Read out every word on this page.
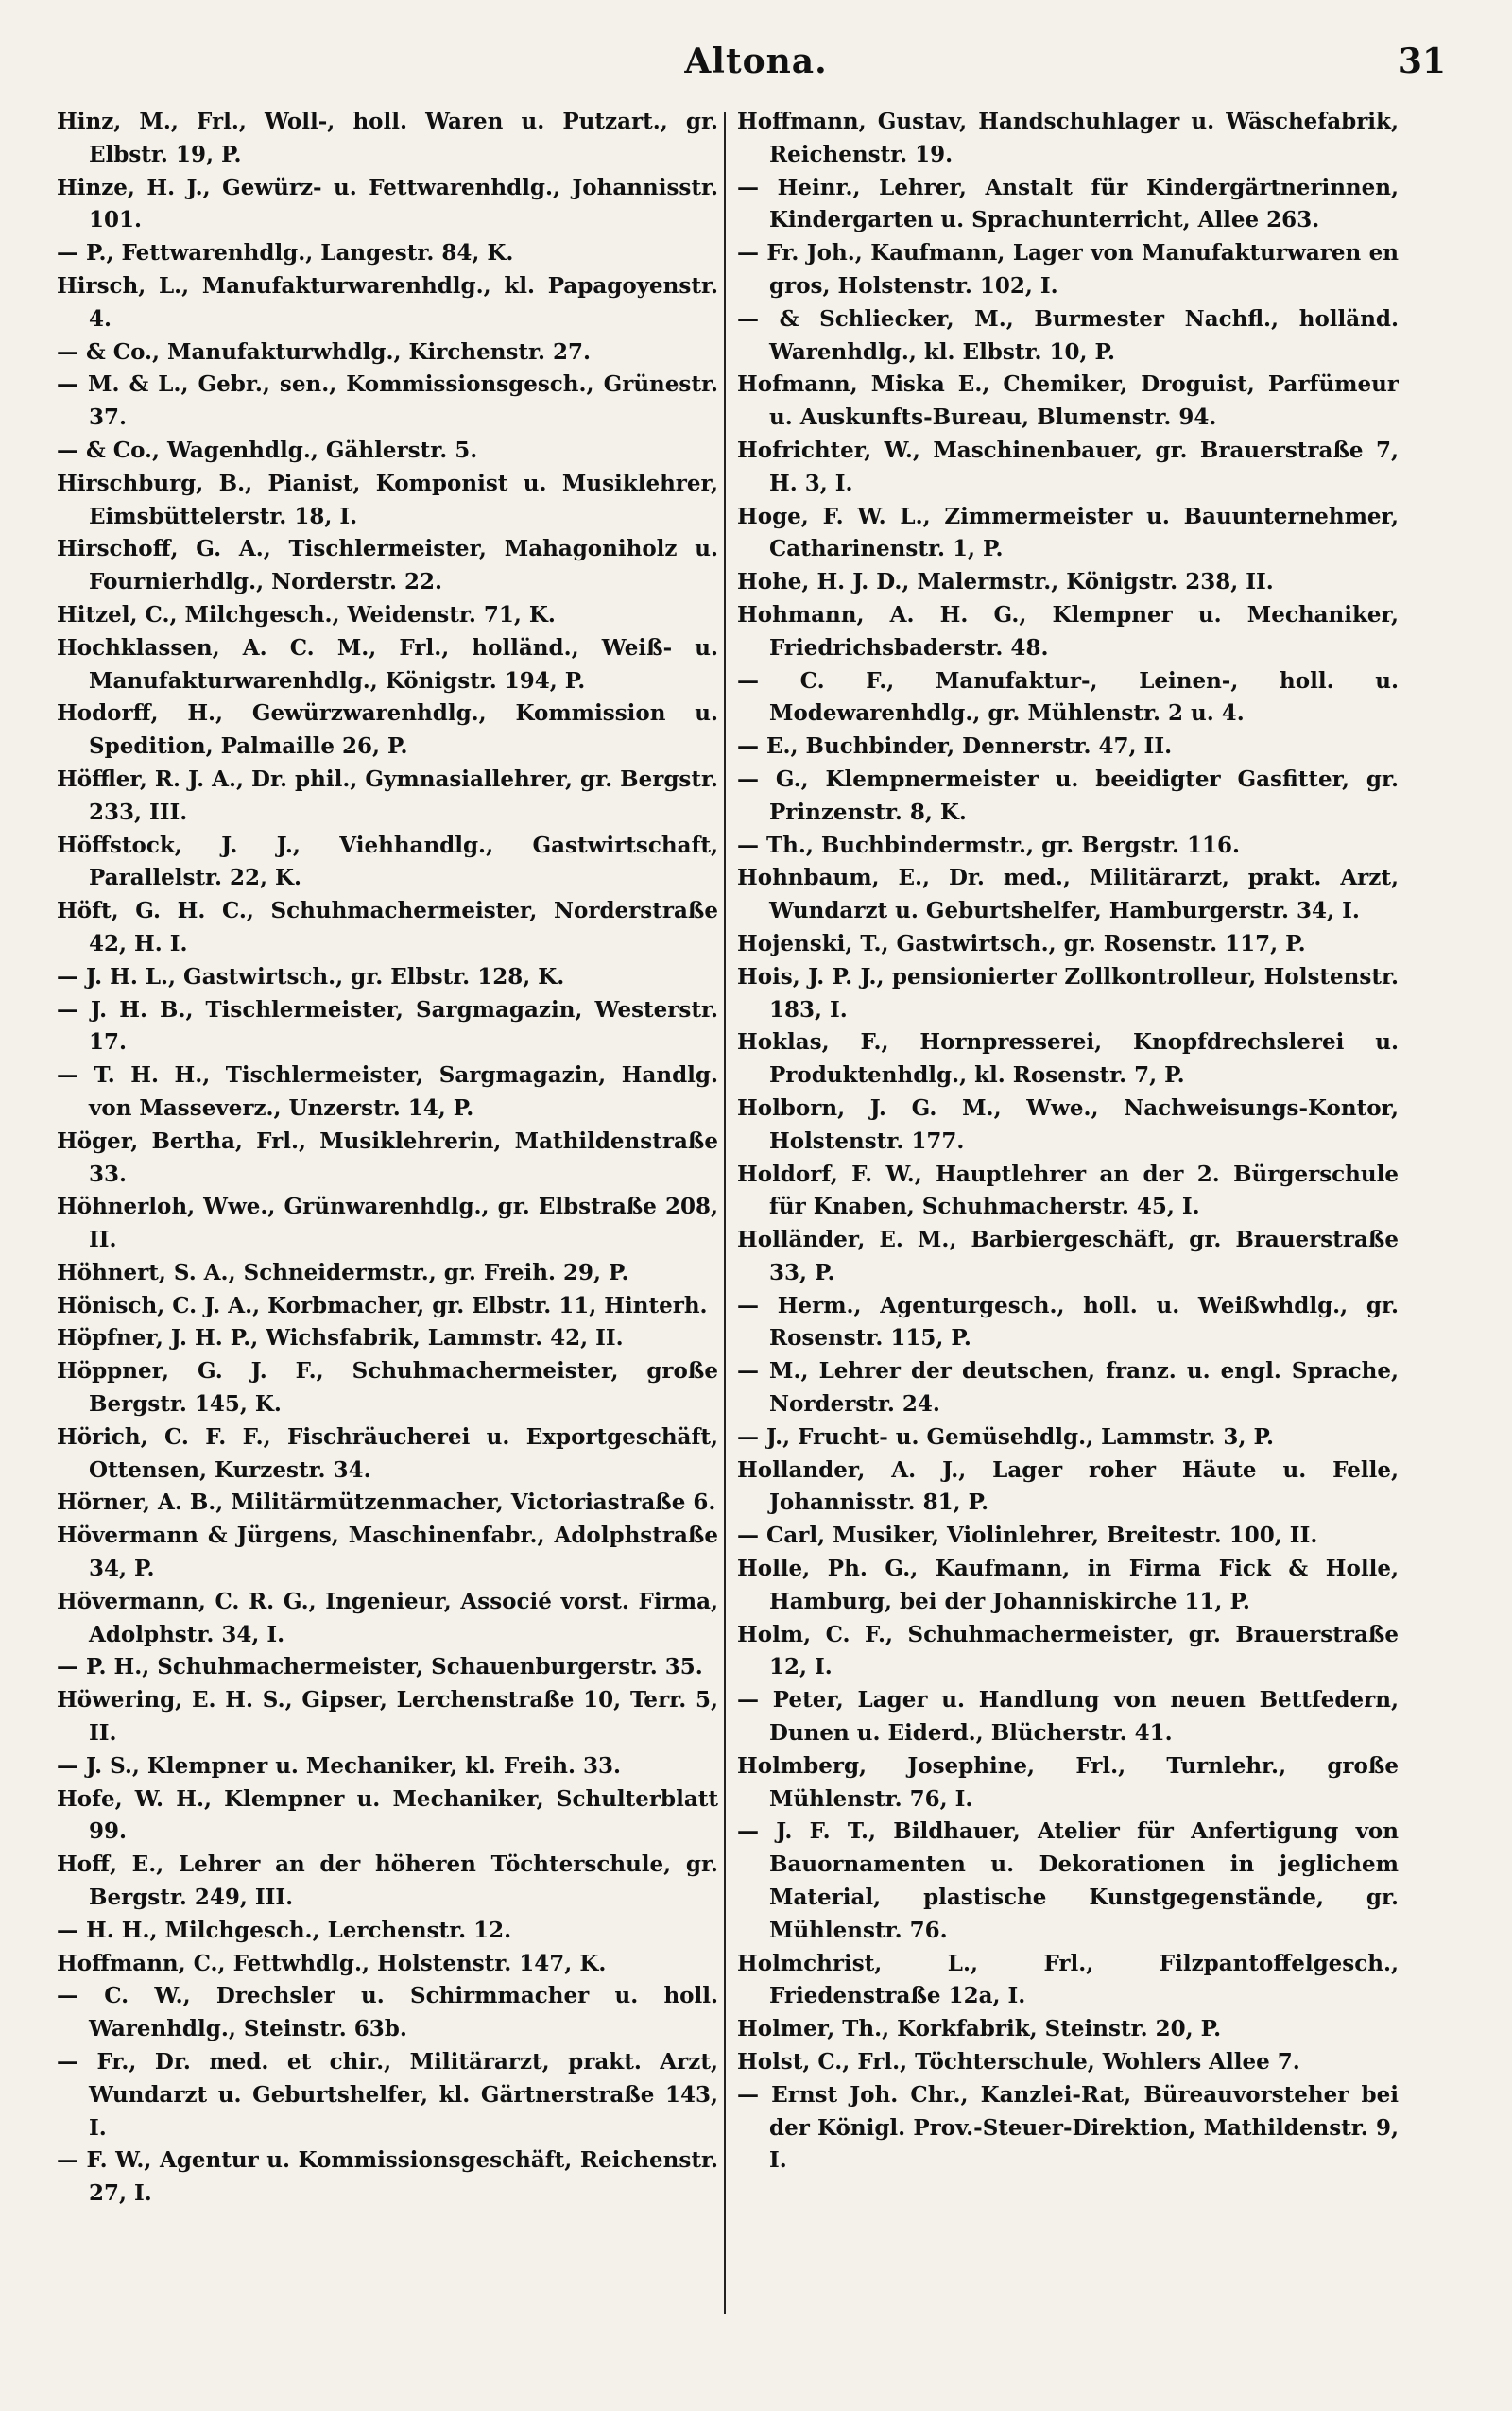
Altona.	31

Hinz, M., Frl., Woll-, holl. Waren u. Putzart., gr. Elbstr. 19, P.

Hinze, H. J., Gewürz- u. Fettwarenhdlg., Johannisstr. 101.

— P., Fettwarenhdlg., Langestr. 84, K.

Hirsch, L., Manufakturwarenhdlg., kl. Papagoyenstr. 4.

— & Co., Manufakturwhdlg., Kirchenstr. 27.

— M. & L., Gebr., sen., Kommissionsgesch., Grünestr. 37.

— & Co., Wagenhdlg., Gählerstr. 5.

Hirschburg, B., Pianist, Komponist u. Musiklehrer, Eimsbüttelerstr. 18, I.

Hirschoff, G. A., Tischlermeister, Mahagoniholz u. Fournierhdlg., Norderstr. 22.

Hitzel, C., Milchgesch., Weidenstr. 71, K.

Hochklassen, A. C. M., Frl., holländ., Weiß- u. Manufakturwarenhdlg., Königstr. 194, P.

Hodorff, H., Gewürzwarenhdlg., Kommission u. Spedition, Palmaille 26, P.

Höffler, R. J. A., Dr. phil., Gymnasiallehrer, gr. Bergstr. 233, III.

Höffstock, J. J., Viehhandlg., Gastwirtschaft, Parallelstr. 22, K.

Höft, G. H. C., Schuhmachermeister, Norderstraße 42, H. I.

— J. H. L., Gastwirtsch., gr. Elbstr. 128, K.

— J. H. B., Tischlermeister, Sargmagazin, Westerstr. 17.

— T. H. H., Tischlermeister, Sargmagazin, Handlg. von Masseverz., Unzerstr. 14, P.

Höger, Bertha, Frl., Musiklehrerin, Mathildenstraße 33.

Höhnerloh, Wwe., Grünwarenhdlg., gr. Elbstraße 208, II.

Höhnert, S. A., Schneidermstr., gr. Freih. 29, P.

Hönisch, C. J. A., Korbmacher, gr. Elbstr. 11, Hinterh.

Höpfner, J. H. P., Wichsfabrik, Lammstr. 42, II.

Höppner, G. J. F., Schuhmachermeister, große Bergstr. 145, K.

Hörich, C. F. F., Fischräucherei u. Exportgeschäft, Ottensen, Kurzestr. 34.

Hörner, A. B., Militärmützenmacher, Victoriastraße 6.

Hövermann & Jürgens, Maschinenfabr., Adolphstraße 34, P.

Hövermann, C. R. G., Ingenieur, Associé vorst. Firma, Adolphstr. 34, I.

— P. H., Schuhmachermeister, Schauenburgerstr. 35.

Höwering, E. H. S., Gipser, Lerchenstraße 10, Terr. 5, II.

— J. S., Klempner u. Mechaniker, kl. Freih. 33.

Hofe, W. H., Klempner u. Mechaniker, Schulterblatt 99.

Hoff, E., Lehrer an der höheren Töchterschule, gr. Bergstr. 249, III.

— H. H., Milchgesch., Lerchenstr. 12.

Hoffmann, C., Fettwhdlg., Holstenstr. 147, K.

— C. W., Drechsler u. Schirmmacher u. holl. Warenhdlg., Steinstr. 63b.

— Fr., Dr. med. et chir., Militärarzt, prakt. Arzt, Wundarzt u. Geburtshelfer, kl. Gärtnerstraße 143, I.

— F. W., Agentur u. Kommissionsgeschäft, Reichenstr. 27, I.

Hoffmann, Gustav, Handschuhlager u. Wäschefabrik, Reichenstr. 19.

— Heinr., Lehrer, Anstalt für Kindergärtnerinnen, Kindergarten u. Sprachunterricht, Allee 263.

— Fr. Joh., Kaufmann, Lager von Manufakturwaren en gros, Holstenstr. 102, I.

— & Schliecker, M., Burmester Nachfl., holländ. Warenhdlg., kl. Elbstr. 10, P.

Hofmann, Miska E., Chemiker, Droguist, Parfümeur u. Auskunfts-Bureau, Blumenstr. 94.

Hofrichter, W., Maschinenbauer, gr. Brauerstraße 7, H. 3, I.

Hoge, F. W. L., Zimmermeister u. Bauunternehmer, Catharinenstr. 1, P.

Hohe, H. J. D., Malermstr., Königstr. 238, II.

Hohmann, A. H. G., Klempner u. Mechaniker, Friedrichsbaderstr. 48.

— C. F., Manufaktur-, Leinen-, holl. u. Modewarenhdlg., gr. Mühlenstr. 2 u. 4.

— E., Buchbinder, Dennerstr. 47, II.

— G., Klempnermeister u. beeidigter Gasfitter, gr. Prinzenstr. 8, K.

— Th., Buchbindermstr., gr. Bergstr. 116.

Hohnbaum, E., Dr. med., Militärarzt, prakt. Arzt, Wundarzt u. Geburtshelfer, Hamburgerstr. 34, I.

Hojenski, T., Gastwirtsch., gr. Rosenstr. 117, P.

Hois, J. P. J., pensionierter Zollkontrolleur, Holstenstr. 183, I.

Hoklas, F., Hornpresserei, Knopfdrechslerei u. Produktenhdlg., kl. Rosenstr. 7, P.

Holborn, J. G. M., Wwe., Nachweisungs-Kontor, Holstenstr. 177.

Holdorf, F. W., Hauptlehrer an der 2. Bürgerschule für Knaben, Schuhmacherstr. 45, I.

Holländer, E. M., Barbiergeschäft, gr. Brauerstraße 33, P.

— Herm., Agenturgesch., holl. u. Weißwhdlg., gr. Rosenstr. 115, P.

— M., Lehrer der deutschen, franz. u. engl. Sprache, Norderstr. 24.

— J., Frucht- u. Gemüsehdlg., Lammstr. 3, P.

Hollander, A. J., Lager roher Häute u. Felle, Johannisstr. 81, P.

— Carl, Musiker, Violinlehrer, Breitestr. 100, II.

Holle, Ph. G., Kaufmann, in Firma Fick & Holle, Hamburg, bei der Johanniskirche 11, P.

Holm, C. F., Schuhmachermeister, gr. Brauerstraße 12, I.

— Peter, Lager u. Handlung von neuen Bettfedern, Dunen u. Eiderd., Blücherstr. 41.

Holmberg, Josephine, Frl., Turnlehr., große Mühlenstr. 76, I.

— J. F. T., Bildhauer, Atelier für Anfertigung von Bauornamenten u. Dekorationen in jeglichem Material, plastische Kunstgegenstände, gr. Mühlenstr. 76.

Holmchrist, L., Frl., Filzpantoffelgesch., Friedenstraße 12a, I.

Holmer, Th., Korkfabrik, Steinstr. 20, P.

Holst, C., Frl., Töchterschule, Wohlers Allee 7.

— Ernst Joh. Chr., Kanzlei-Rat, Büreauvorsteher bei der Königl. Prov.-Steuer-Direktion, Mathildenstr. 9, I.
